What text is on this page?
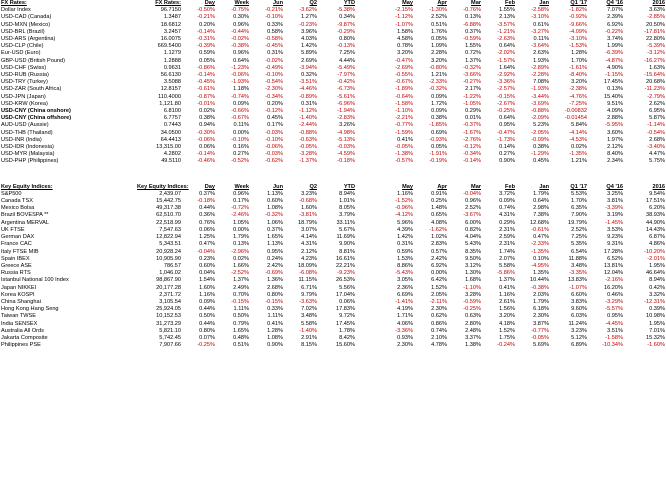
FX Rates:	FX Rates:	Day	Week	Jun	Q2	YTD		May	Apr	Mar	Feb	Jan	Q1 '17	Q4 '16	2016
Dollar Index	96.7150	-0.50%	-0.75%	-0.21%	-3.62%	-5.38%		-2.15%	-1.30%	-0.76%	1.55%	-2.58%	-1.82%	7.07%	3.63%
USD-CAD (Canada)	1.3487	-0.21%	0.30%	-0.10%	1.27%	0.34%		-1.12%	2.52%	0.13%	2.13%	-3.10%	-0.92%	2.39%	-2.85%
USD-MXN (Mexico)	18.6812	0.20%	0.96%	0.33%	-0.23%	-9.87%		-1.07%	0.51%	-6.88%	-3.57%	0.61%	-9.66%	6.92%	20.50%
USD-BRL (Brazil)	3.2457	-0.14%	-0.44%	0.58%	3.96%	-0.29%		1.58%	1.76%	0.37%	-1.21%	-3.27%	-4.09%	-0.22%	-17.81%
USD-ARS (Argentina)	16.0075	-0.31%	-0.02%	-0.58%	4.03%	0.80%		4.58%	0.05%	-0.59%	-2.63%	0.11%	-3.10%	3.74%	22.80%
USD-CLP (Chile)	669.5400	-0.39%	-0.38%	-0.45%	1.42%	-0.13%		0.78%	1.09%	1.55%	0.64%	-3.64%	-1.53%	1.99%	-5.39%
Eur-USD (Euro)	1.1279	0.59%	0.96%	0.31%	5.89%	7.25%		3.20%	2.28%	0.72%	-2.02%	2.63%	1.28%	-6.39%	-3.12%
GBP-USD (British Pound)	1.2888	0.05%	0.64%	-0.02%	2.69%	4.44%		-0.47%	3.20%	1.37%	-1.57%	1.93%	1.70%	-4.87%	-16.27%
USD-CHF (Swiss)	0.9631	-0.86%	-1.23%	-0.49%	-3.94%	-5.49%		-2.69%	-0.80%	-0.32%	1.64%	-2.89%	-1.61%	4.90%	1.63%
USD-RUB (Russia)	56.6130	-0.14%	-0.06%	-0.10%	0.32%	-7.97%		-0.55%	1.21%	-3.66%	-2.92%	-2.28%	-8.40%	-1.15%	-15.64%
USD-TRY (Turkey)	3.5088	-0.45%	-1.93%	-0.54%	-3.51%	-0.42%		-0.67%	-2.33%	-0.27%	-3.36%	7.08%	3.20%	17.45%	20.68%
USD-ZAR (South Africa)	12.8157	-0.61%	1.18%	-2.30%	-4.46%	-6.73%		-1.89%	-0.32%	2.17%	-2.57%	-1.93%	-2.38%	0.13%	-11.23%
USD-JPN (Japan)	110.4000	-0.87%	-0.74%	-0.34%	-0.89%	-5.61%		-0.64%	0.09%	-1.22%	-0.15%	-3.44%	-4.76%	15.40%	-2.79%
USD-KRW (Korea)	1,121.80	-0.01%	0.09%	0.20%	0.31%	-6.96%		-1.58%	1.72%	-1.05%	-2.67%	-3.69%	-7.25%	9.51%	2.62%
USD-CNY (China onshore)	6.8100	0.02%	-0.66%	-0.12%	-1.12%	-1.94%		-1.10%	0.09%	0.29%	-0.25%	-0.88%	-0.00832	4.09%	6.95%
USD-CNY (China offshore)	6.7757	0.38%	-0.67%	0.45%	-1.40%	-2.83%		-2.21%	0.38%	0.01%	0.64%	-2.09%	-0.01454	2.88%	5.87%
AUD-USD (Aussie)	0.7443	0.94%	0.11%	0.17%	-2.44%	3.26%		-0.77%	-1.85%	-0.37%	0.95%	5.23%	5.84%	-5.95%	-1.14%
USD-THB (Thailand)	34.0500	-0.30%	0.00%	-0.03%	-0.88%	-4.98%		-1.59%	0.69%	-1.67%	-0.47%	-2.05%	-4.14%	3.60%	-0.54%
USD-INR (India)	64.4413	-0.06%	-0.10%	-0.10%	-0.63%	-5.13%		0.41%	-0.93%	-2.76%	-1.73%	-0.09%	-4.53%	1.97%	2.68%
USD-IDR (Indonesia)	13,315.00	0.06%	0.16%	-0.06%	-0.05%	-0.03%		-0.05%	0.05%	-0.12%	0.14%	0.38%	0.02%	2.12%	-3.40%
USD-MYR (Malaysia)	4.2802	-0.14%	0.27%	-0.03%	-3.28%	-4.59%		-1.38%	-1.91%	-0.34%	0.27%	-1.29%	-1.35%	8.40%	4.47%
USD-PHP (Philippines)	49.5110	-0.46%	-0.52%	-0.62%	-1.37%	-0.18%		-0.57%	-0.19%	-0.14%	0.90%	0.45%	1.21%	2.34%	5.75%
Key Equity Indices:	Key Equity Indices:	Day	Week	Jun	Q2	YTD		May	Apr	Mar	Feb	Jan	Q1 '17	Q4 '16	2016
S&P500	2,439.07	0.37%	0.96%	1.13%	3.23%	8.94%		1.16%	0.91%	-0.04%	3.72%	1.79%	5.53%	3.25%	9.54%
Canada TSX	15,442.75	-0.18%	0.17%	0.60%	-0.68%	1.01%		-1.52%	0.25%	0.96%	0.09%	0.64%	1.70%	3.81%	17.51%
Mexico Bolsa	49,317.38	0.44%	-0.72%	1.08%	1.60%	8.05%		-0.96%	1.48%	2.52%	0.74%	2.98%	6.35%	-3.39%	6.20%
Brazil BOVESPA **	62,510.70	0.36%	-2.46%	-0.32%	-3.81%	3.79%		-4.12%	0.65%	-3.67%	4.31%	7.38%	7.90%	3.19%	38.93%
Argentina MERVAL	22,518.99	0.76%	1.05%	1.06%	18.79%	33.11%		5.96%	4.08%	6.00%	0.29%	12.68%	19.79%	-1.45%	44.90%
UK FTSE	7,547.63	0.06%	0.00%	0.37%	3.07%	5.67%		4.39%	-1.62%	0.82%	2.31%	-0.61%	2.52%	3.53%	14.43%
German DAX	12,822.94	1.25%	1.79%	1.65%	4.14%	11.69%		1.42%	1.02%	4.04%	2.59%	0.47%	7.25%	9.23%	6.87%
France CAC	5,343.51	0.47%	0.13%	1.13%	4.31%	9.90%		0.31%	2.83%	5.43%	2.31%	-2.33%	5.35%	9.31%	4.86%
Italy FTSE MIB	20,928.24	-0.04%	-2.96%	0.95%	2.12%	8.81%		0.59%	0.57%	8.35%	1.74%	-1.35%	6.54%	17.28%	-10.20%
Spain IBEX	10,905.90	0.23%	0.02%	0.24%	4.23%	16.61%		1.53%	2.42%	9.50%	2.07%	0.10%	11.88%	6.52%	-2.01%
Greece ASE	786.57	0.60%	1.66%	2.42%	18.09%	22.21%		8.86%	6.92%	3.12%	5.58%	-4.95%	3.48%	13.81%	1.95%
Russia RTS	1,046.02	0.04%	-2.52%	-0.69%	-6.08%	-9.23%		-5.43%	0.00%	1.30%	-5.86%	1.35%	-3.35%	12.04%	46.64%
Istanbul National 100 Index	98,867.90	1.54%	1.37%	1.36%	11.15%	26.53%		3.05%	6.42%	1.68%	1.37%	10.44%	13.83%	-2.16%	8.94%
Japan NIKKEI	20,177.28	1.60%	2.49%	2.68%	6.71%	5.56%		2.36%	1.52%	-1.10%	0.41%	-0.38%	-1.07%	16.20%	0.42%
Korea KOSPI	2,371.72	1.16%	0.70%	0.80%	9.79%	17.04%		6.69%	2.05%	3.28%	1.16%	2.03%	6.60%	0.46%	3.32%
China Shanghai	3,105.54	0.09%	-0.15%	-0.15%	-3.63%	0.06%		-1.41%	-2.11%	-0.59%	2.61%	1.79%	3.83%	-3.29%	-12.31%
Hong Kong Hang Seng	25,924.05	0.44%	1.11%	0.33%	7.02%	17.83%		4.19%	2.30%	-0.25%	1.56%	6.18%	9.60%	-5.57%	0.39%
Taiwan TWSE	10,152.53	0.50%	0.50%	1.11%	3.48%	9.72%		1.71%	0.62%	0.63%	3.20%	2.30%	6.03%	0.95%	10.98%
India SENSEX	31,273.29	0.44%	0.79%	0.41%	5.58%	17.45%		4.06%	0.86%	2.80%	4.18%	3.87%	11.24%	-4.45%	1.95%
Australia All Ords	5,821.10	0.80%	1.65%	1.28%	-1.40%	1.78%		-3.36%	0.74%	2.48%	1.52%	-0.77%	3.23%	3.51%	7.01%
Jakarta Composite	5,742.45	0.07%	0.48%	1.08%	2.91%	8.42%		0.93%	2.10%	3.37%	1.75%	-0.05%	5.12%	-1.58%	15.32%
Philippines PSE	7,907.66	-0.25%	0.51%	0.90%	8.15%	15.60%		2.30%	4.78%	1.38%	-0.24%	5.69%	6.89%	-10.34%	-1.60%
